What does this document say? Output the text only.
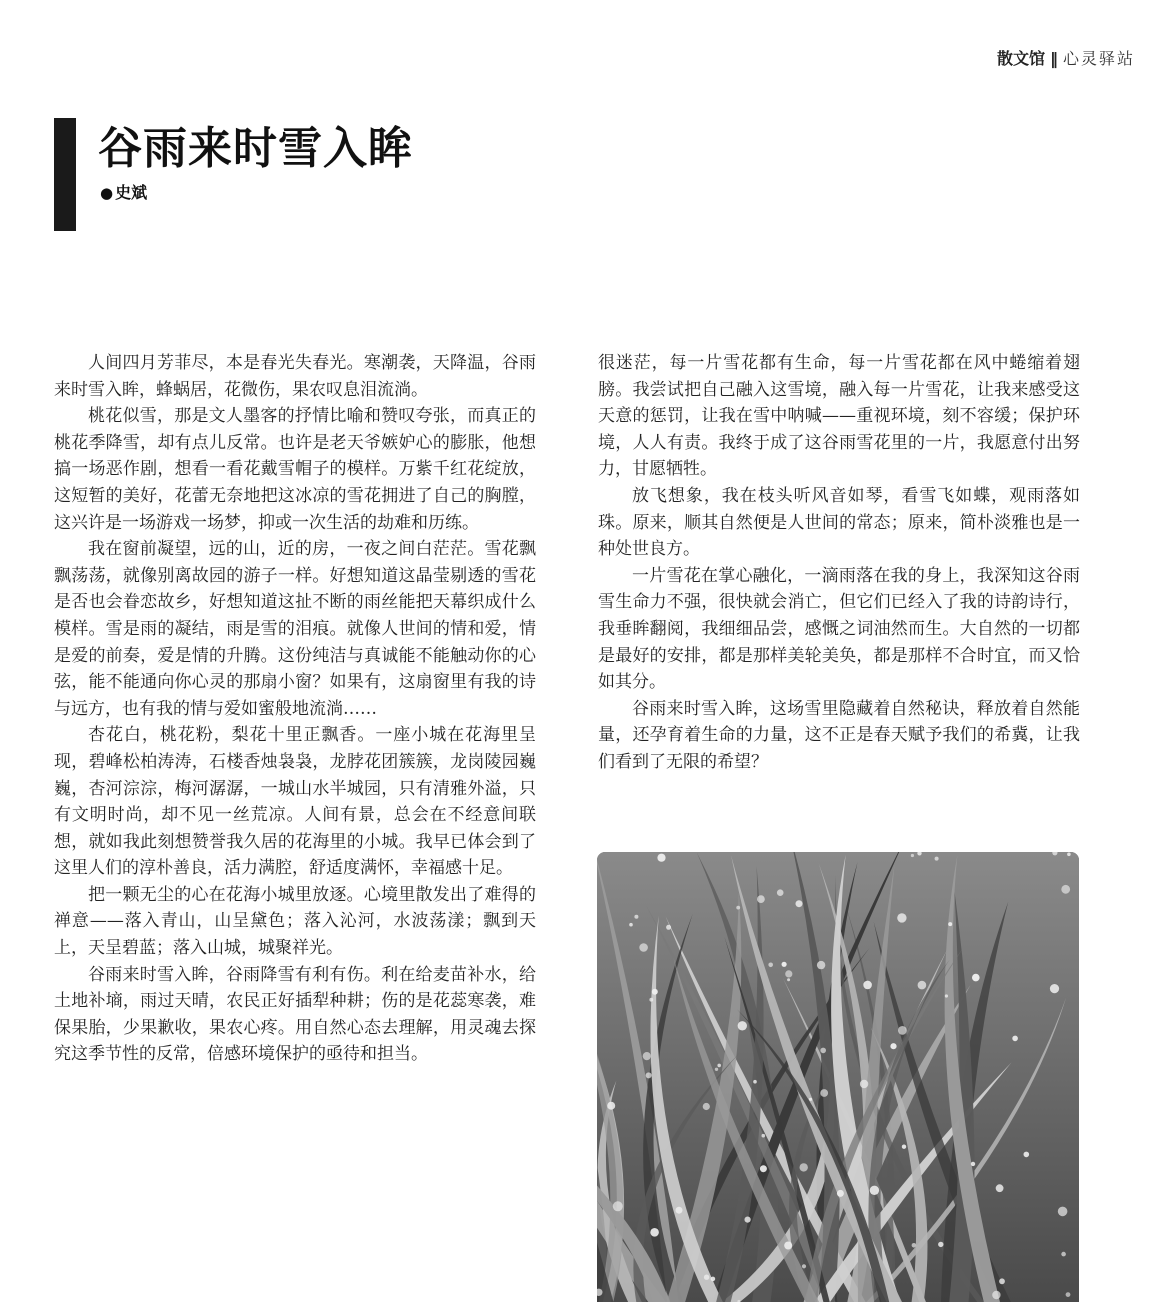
散文馆 ‖ 心灵驿站
谷雨来时雪入眸
● 史斌

人间四月芳菲尽，本是春光失春光。寒潮袭，天降温，谷雨来时雪入眸，蜂蜗居，花微伤，果农叹息泪流淌。

桃花似雪，那是文人墨客的抒情比喻和赞叹夸张，而真正的桃花季降雪，却有点儿反常。也许是老天爷嫉妒心的膨胀，他想搞一场恶作剧，想看一看花戴雪帽子的模样。万紫千红花绽放，这短暂的美好，花蕾无奈地把这冰凉的雪花拥进了自己的胸膛，这兴许是一场游戏一场梦，抑或一次生活的劫难和历练。

我在窗前凝望，远的山，近的房，一夜之间白茫茫。雪花飘飘荡荡，就像别离故园的游子一样。好想知道这晶莹剔透的雪花是否也会眷恋故乡，好想知道这扯不断的雨丝能把天幕织成什么模样。雪是雨的凝结，雨是雪的泪痕。就像人世间的情和爱，情是爱的前奏，爱是情的升腾。这份纯洁与真诚能不能触动你的心弦，能不能通向你心灵的那扇小窗？如果有，这扇窗里有我的诗与远方，也有我的情与爱如蜜般地流淌……

杏花白，桃花粉，梨花十里正飘香。一座小城在花海里呈现，碧峰松柏涛涛，石楼香烛袅袅，龙脖花团簇簇，龙岗陵园巍巍，杏河淙淙，梅河潺潺，一城山水半城园，只有清雅外溢，只有文明时尚，却不见一丝荒凉。人间有景，总会在不经意间联想，就如我此刻想赞誉我久居的花海里的小城。我早已体会到了这里人们的淳朴善良，活力满腔，舒适度满怀，幸福感十足。

把一颗无尘的心在花海小城里放逐。心境里散发出了难得的禅意——落入青山，山呈黛色；落入沁河，水波荡漾；飘到天上，天呈碧蓝；落入山城，城聚祥光。

谷雨来时雪入眸，谷雨降雪有利有伤。利在给麦苗补水，给土地补墒，雨过天晴，农民正好插犁种耕；伤的是花蕊寒袭，难保果胎，少果歉收，果农心疼。用自然心态去理解，用灵魂去探究这季节性的反常，倍感环境保护的亟待和担当。

很迷茫，每一片雪花都有生命，每一片雪花都在风中蜷缩着翅膀。我尝试把自己融入这雪境，融入每一片雪花，让我来感受这天意的惩罚，让我在雪中呐喊——重视环境，刻不容缓；保护环境，人人有责。我终于成了这谷雨雪花里的一片，我愿意付出努力，甘愿牺牲。

放飞想象，我在枝头听风音如琴，看雪飞如蝶，观雨落如珠。原来，顺其自然便是人世间的常态；原来，简朴淡雅也是一种处世良方。

一片雪花在掌心融化，一滴雨落在我的身上，我深知这谷雨雪生命力不强，很快就会消亡，但它们已经入了我的诗韵诗行，我垂眸翻阅，我细细品尝，感慨之词油然而生。大自然的一切都是最好的安排，都是那样美轮美奂，都是那样不合时宜，而又恰如其分。

谷雨来时雪入眸，这场雪里隐藏着自然秘诀，释放着自然能量，还孕育着生命的力量，这不正是春天赋予我们的希冀，让我们看到了无限的希望？
